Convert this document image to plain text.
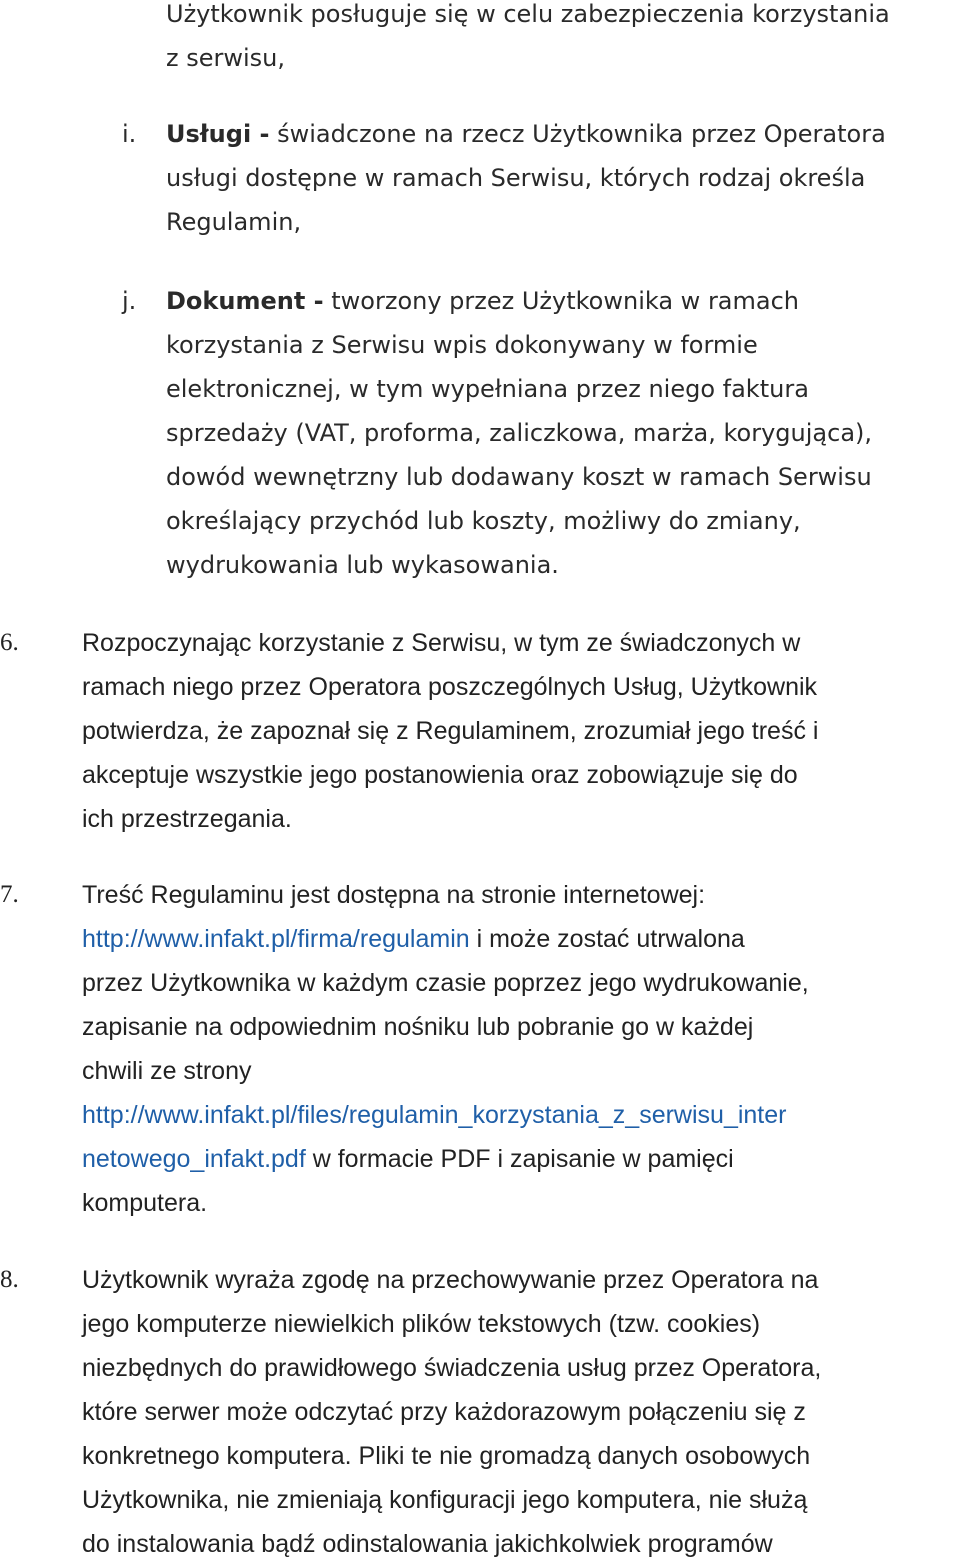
Użytkownik posługuje się w celu zabezpieczenia korzystania
z serwisu,
i. Usługi - świadczone na rzecz Użytkownika przez Operatora
usługi dostępne w ramach Serwisu, których rodzaj określa
Regulamin,
j. Dokument - tworzony przez Użytkownika w ramach
korzystania z Serwisu wpis dokonywany w formie
elektronicznej, w tym wypełniana przez niego faktura
sprzedaży (VAT, proforma, zaliczkowa, marża, korygująca),
dowód wewnętrzny lub dodawany koszt w ramach Serwisu
określający przychód lub koszty, możliwy do zmiany,
wydrukowania lub wykasowania.
6.	Rozpoczynając korzystanie z Serwisu, w tym ze świadczonych w
ramach niego przez Operatora poszczególnych Usług, Użytkownik
potwierdza, że zapoznał się z Regulaminem, zrozumiał jego treść i
akceptuje wszystkie jego postanowienia oraz zobowiązuje się do
ich przestrzegania.
7.	Treść Regulaminu jest dostępna na stronie internetowej:
http://www.infakt.pl/firma/regulamin i może zostać utrwalona
przez Użytkownika w każdym czasie poprzez jego wydrukowanie,
zapisanie na odpowiednim nośniku lub pobranie go w każdej
chwili ze strony
http://www.infakt.pl/files/regulamin_korzystania_z_serwisu_inter
netowego_infakt.pdf w formacie PDF i zapisanie w pamięci
komputera.
8.	Użytkownik wyraża zgodę na przechowywanie przez Operatora na
jego komputerze niewielkich plików tekstowych (tzw. cookies)
niezbędnych do prawidłowego świadczenia usług przez Operatora,
które serwer może odczytać przy każdorazowym połączeniu się z
konkretnego komputera. Pliki te nie gromadzą danych osobowych
Użytkownika, nie zmieniają konfiguracji jego komputera, nie służą
do instalowania bądź odinstalowania jakichkolwiek programów
